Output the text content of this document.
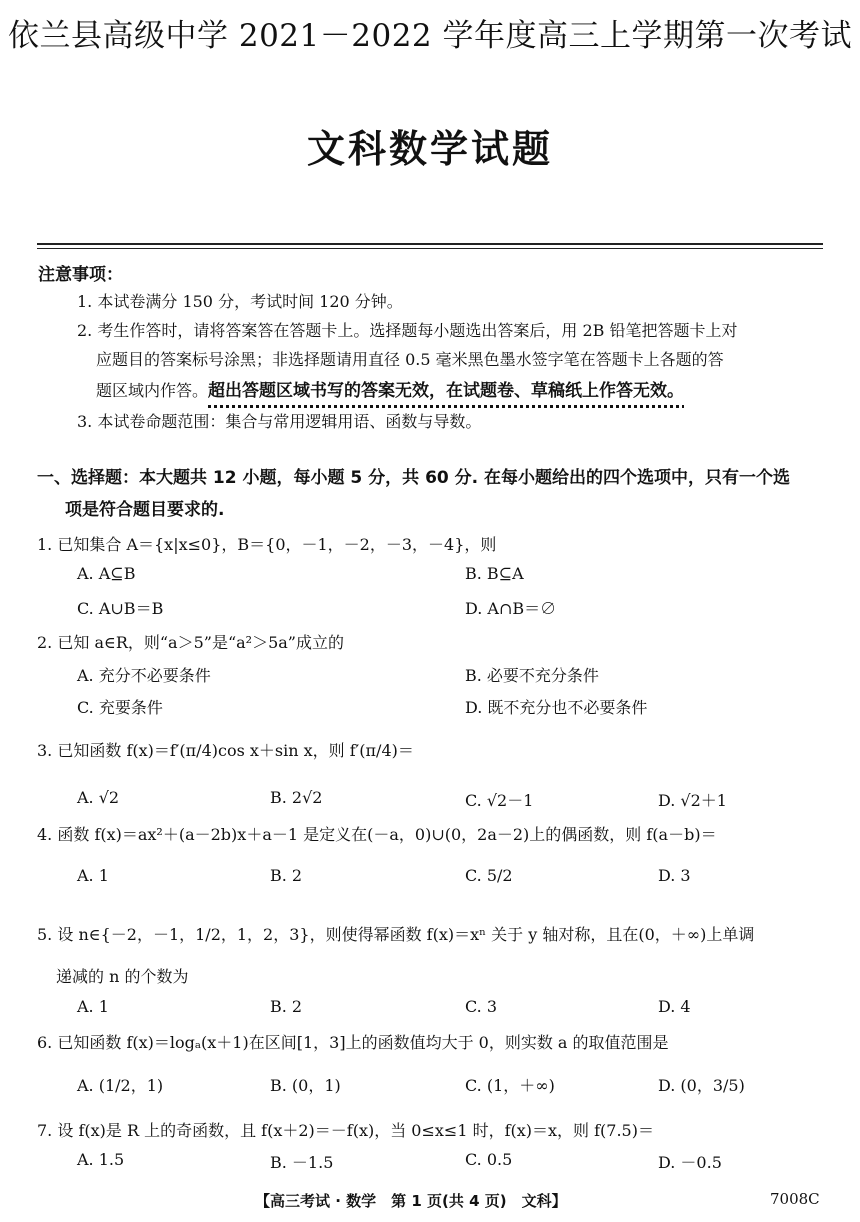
依兰县高级中学 2021－2022 学年度高三上学期第一次考试
文科数学试题
注意事项：
1. 本试卷满分 150 分，考试时间 120 分钟。
2. 考生作答时，请将答案答在答题卡上。选择题每小题选出答案后，用 2B 铅笔把答题卡上对
应题目的答案标号涂黑；非选择题请用直径 0.5 毫米黑色墨水签字笔在答题卡上各题的答
题区域内作答。超出答题区域书写的答案无效，在试题卷、草稿纸上作答无效。
3. 本试卷命题范围：集合与常用逻辑用语、函数与导数。
一、选择题：本大题共 12 小题，每小题 5 分，共 60 分. 在每小题给出的四个选项中，只有一个选
项是符合题目要求的.
1. 已知集合 A＝{x|x≤0}，B＝{0，－1，－2，－3，－4}，则
A. A⊆B	B. B⊆A
C. A∪B＝B	D. A∩B＝∅
2. 已知 a∈R，则“a＞5”是“a²＞5a”成立的
A. 充分不必要条件	B. 必要不充分条件
C. 充要条件	D. 既不充分也不必要条件
3. 已知函数 f(x)＝f′(π/4)cos x＋sin x，则 f′(π/4)＝
A. √2	B. 2√2	C. √2－1	D. √2＋1
4. 函数 f(x)＝ax²＋(a－2b)x＋a－1 是定义在(－a，0)∪(0，2a－2)上的偶函数，则 f(a－b)＝
A. 1	B. 2	C. 5/2	D. 3
5. 设 n∈{－2，－1，1/2，1，2，3}，则使得幂函数 f(x)＝xⁿ 关于 y 轴对称，且在(0，＋∞)上单调
递减的 n 的个数为
A. 1	B. 2	C. 3	D. 4
6. 已知函数 f(x)＝logₐ(x＋1)在区间[1，3]上的函数值均大于 0，则实数 a 的取值范围是
A. (1/2，1)	B. (0，1)	C. (1，＋∞)	D. (0，3/5)
7. 设 f(x)是 R 上的奇函数，且 f(x＋2)＝－f(x)，当 0≤x≤1 时，f(x)＝x，则 f(7.5)＝
A. 1.5	B. －1.5	C. 0.5	D. －0.5
【高三考试 · 数学　第 1 页(共 4 页)　文科】	7008C
